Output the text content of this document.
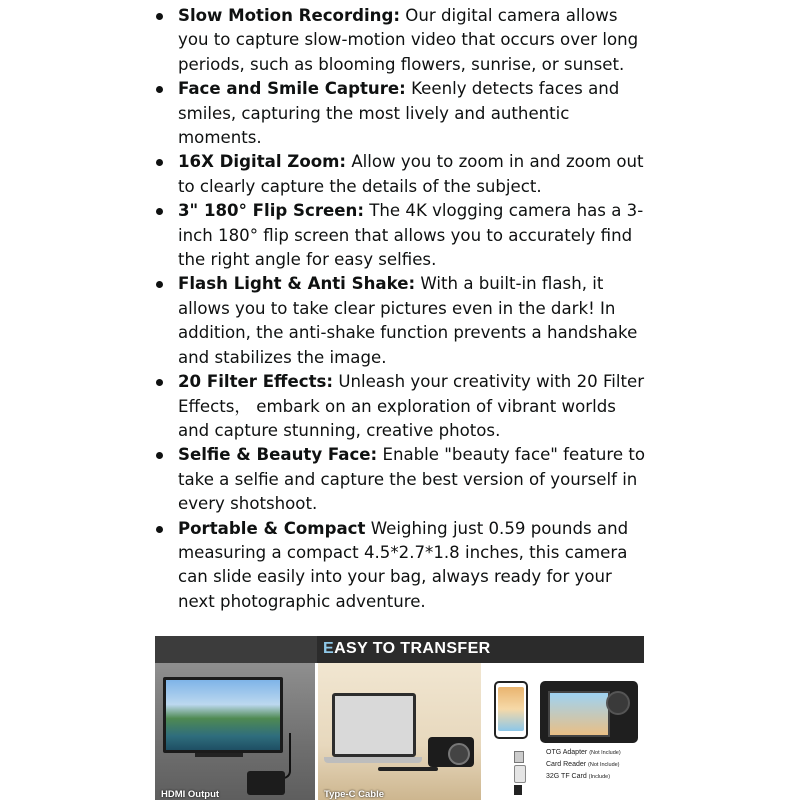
Slow Motion Recording: Our digital camera allows you to capture slow-motion video that occurs over long periods, such as blooming flowers, sunrise, or sunset.
Face and Smile Capture: Keenly detects faces and smiles, capturing the most lively and authentic moments.
16X Digital Zoom: Allow you to zoom in and zoom out to clearly capture the details of the subject.
3" 180° Flip Screen: The 4K vlogging camera has a 3-inch 180° flip screen that allows you to accurately find the right angle for easy selfies.
Flash Light & Anti Shake: With a built-in flash, it allows you to take clear pictures even in the dark! In addition, the anti-shake function prevents a handshake and stabilizes the image.
20 Filter Effects: Unleash your creativity with 20 Filter Effects， embark on an exploration of vibrant worlds and capture stunning, creative photos.
Selfie & Beauty Face: Enable "beauty face" feature to take a selfie and capture the best version of yourself in every shotshoot.
Portable & Compact Weighing just 0.59 pounds and measuring a compact 4.5*2.7*1.8 inches, this camera can slide easily into your bag, always ready for your next photographic adventure.
EASY TO TRANSFER
HDMI Output	Type-C Cable
OTG Adapter (Not Include)
Card Reader (Not Include)
32G TF Card (Include)
